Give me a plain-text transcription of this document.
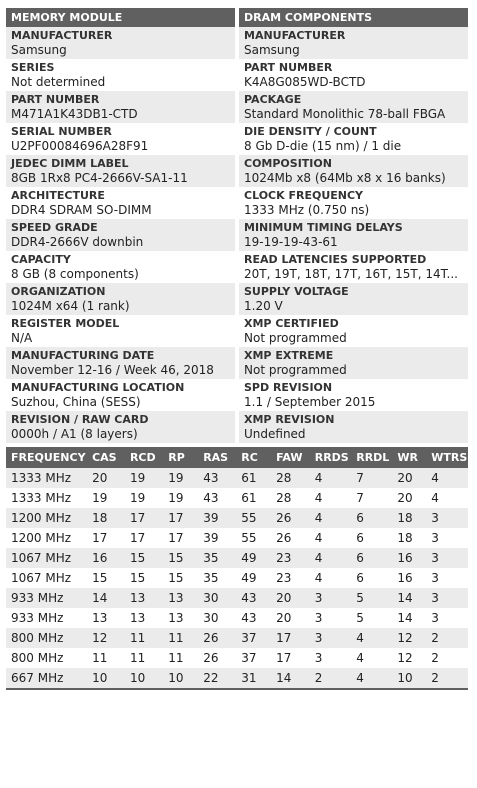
MEMORY MODULE
MANUFACTURER
Samsung
SERIES
Not determined
PART NUMBER
M471A1K43DB1-CTD
SERIAL NUMBER
U2PF00084696A28F91
JEDEC DIMM LABEL
8GB 1Rx8 PC4-2666V-SA1-11
ARCHITECTURE
DDR4 SDRAM SO-DIMM
SPEED GRADE
DDR4-2666V downbin
CAPACITY
8 GB (8 components)
ORGANIZATION
1024M x64 (1 rank)
REGISTER MODEL
N/A
MANUFACTURING DATE
November 12-16 / Week 46, 2018
MANUFACTURING LOCATION
Suzhou, China (SESS)
REVISION / RAW CARD
0000h / A1 (8 layers)
DRAM COMPONENTS
MANUFACTURER
Samsung
PART NUMBER
K4A8G085WD-BCTD
PACKAGE
Standard Monolithic 78-ball FBGA
DIE DENSITY / COUNT
8 Gb D-die (15 nm) / 1 die
COMPOSITION
1024Mb x8 (64Mb x8 x 16 banks)
CLOCK FREQUENCY
1333 MHz (0.750 ns)
MINIMUM TIMING DELAYS
19-19-19-43-61
READ LATENCIES SUPPORTED
20T, 19T, 18T, 17T, 16T, 15T, 14T...
SUPPLY VOLTAGE
1.20 V
XMP CERTIFIED
Not programmed
XMP EXTREME
Not programmed
SPD REVISION
1.1 / September 2015
XMP REVISION
Undefined
FREQUENCY	CAS	RCD	RP	RAS	RC	FAW	RRDS	RRDL	WR	WTRS
1333 MHz	20	19	19	43	61	28	4	7	20	4
1333 MHz	19	19	19	43	61	28	4	7	20	4
1200 MHz	18	17	17	39	55	26	4	6	18	3
1200 MHz	17	17	17	39	55	26	4	6	18	3
1067 MHz	16	15	15	35	49	23	4	6	16	3
1067 MHz	15	15	15	35	49	23	4	6	16	3
933 MHz	14	13	13	30	43	20	3	5	14	3
933 MHz	13	13	13	30	43	20	3	5	14	3
800 MHz	12	11	11	26	37	17	3	4	12	2
800 MHz	11	11	11	26	37	17	3	4	12	2
667 MHz	10	10	10	22	31	14	2	4	10	2
